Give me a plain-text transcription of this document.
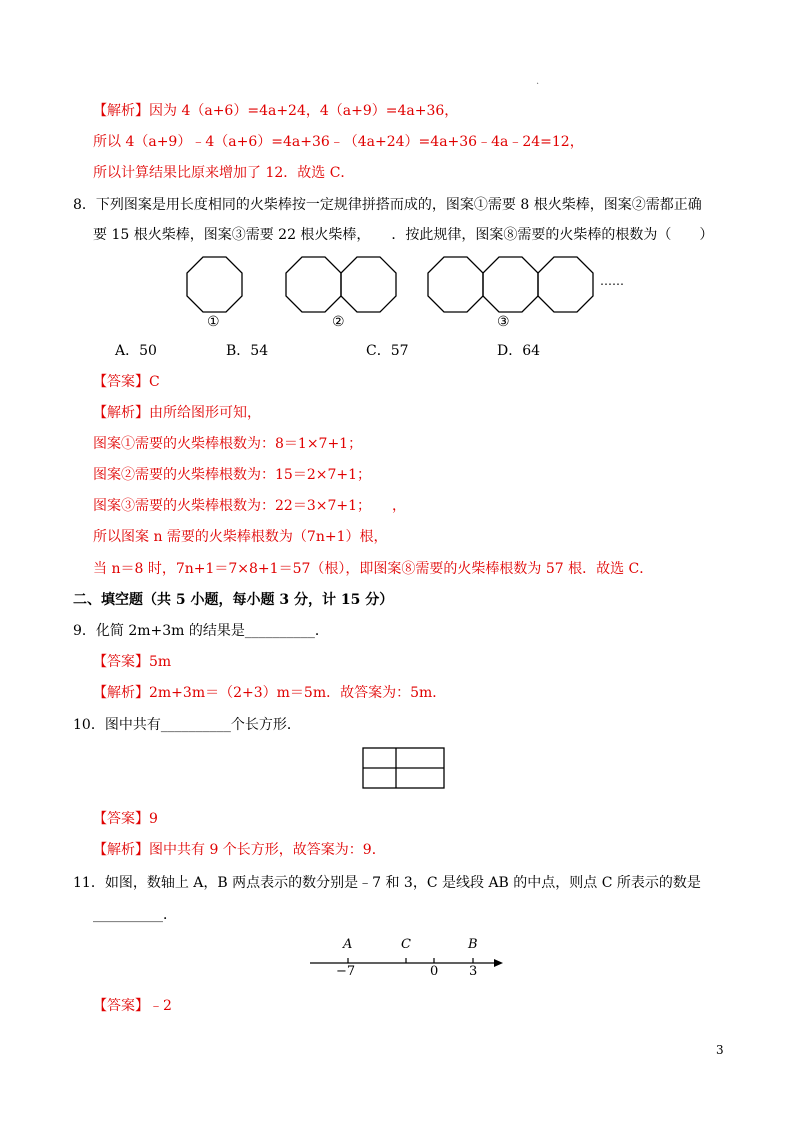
.
【解析】因为 4（a+6）=4a+24，4（a+9）=4a+36，
所以 4（a+9）﹣4（a+6）=4a+36﹣（4a+24）=4a+36﹣4a﹣24=12，
所以计算结果比原来增加了 12．故选 C．
8．下列图案是用长度相同的火柴棒按一定规律拼搭而成的，图案①需要 8 根火柴棒，图案②需都正确
要 15 根火柴棒，图案③需要 22 根火柴棒，　　．按此规律，图案⑧需要的火柴棒的根数为（　　）
……
①	②	③
A．50	B．54	C．57	D．64
【答案】C
【解析】由所给图形可知，
图案①需要的火柴棒根数为：8＝1×7+1；
图案②需要的火柴棒根数为：15＝2×7+1；
图案③需要的火柴棒根数为：22＝3×7+1；　　，
所以图案 n 需要的火柴棒根数为（7n+1）根，
当 n＝8 时，7n+1＝7×8+1＝57（根），即图案⑧需要的火柴棒根数为 57 根．故选 C．
二、填空题（共 5 小题，每小题 3 分，计 15 分）
9．化简 2m+3m 的结果是__________．
【答案】5m
【解析】2m+3m＝（2+3）m＝5m．故答案为：5m．
10．图中共有__________个长方形．
【答案】9
【解析】图中共有 9 个长方形，故答案为：9．
11．如图，数轴上 A，B 两点表示的数分别是﹣7 和 3，C 是线段 AB 的中点，则点 C 所表示的数是
__________．
A	C	B
−7	0 3
【答案】﹣2
3
